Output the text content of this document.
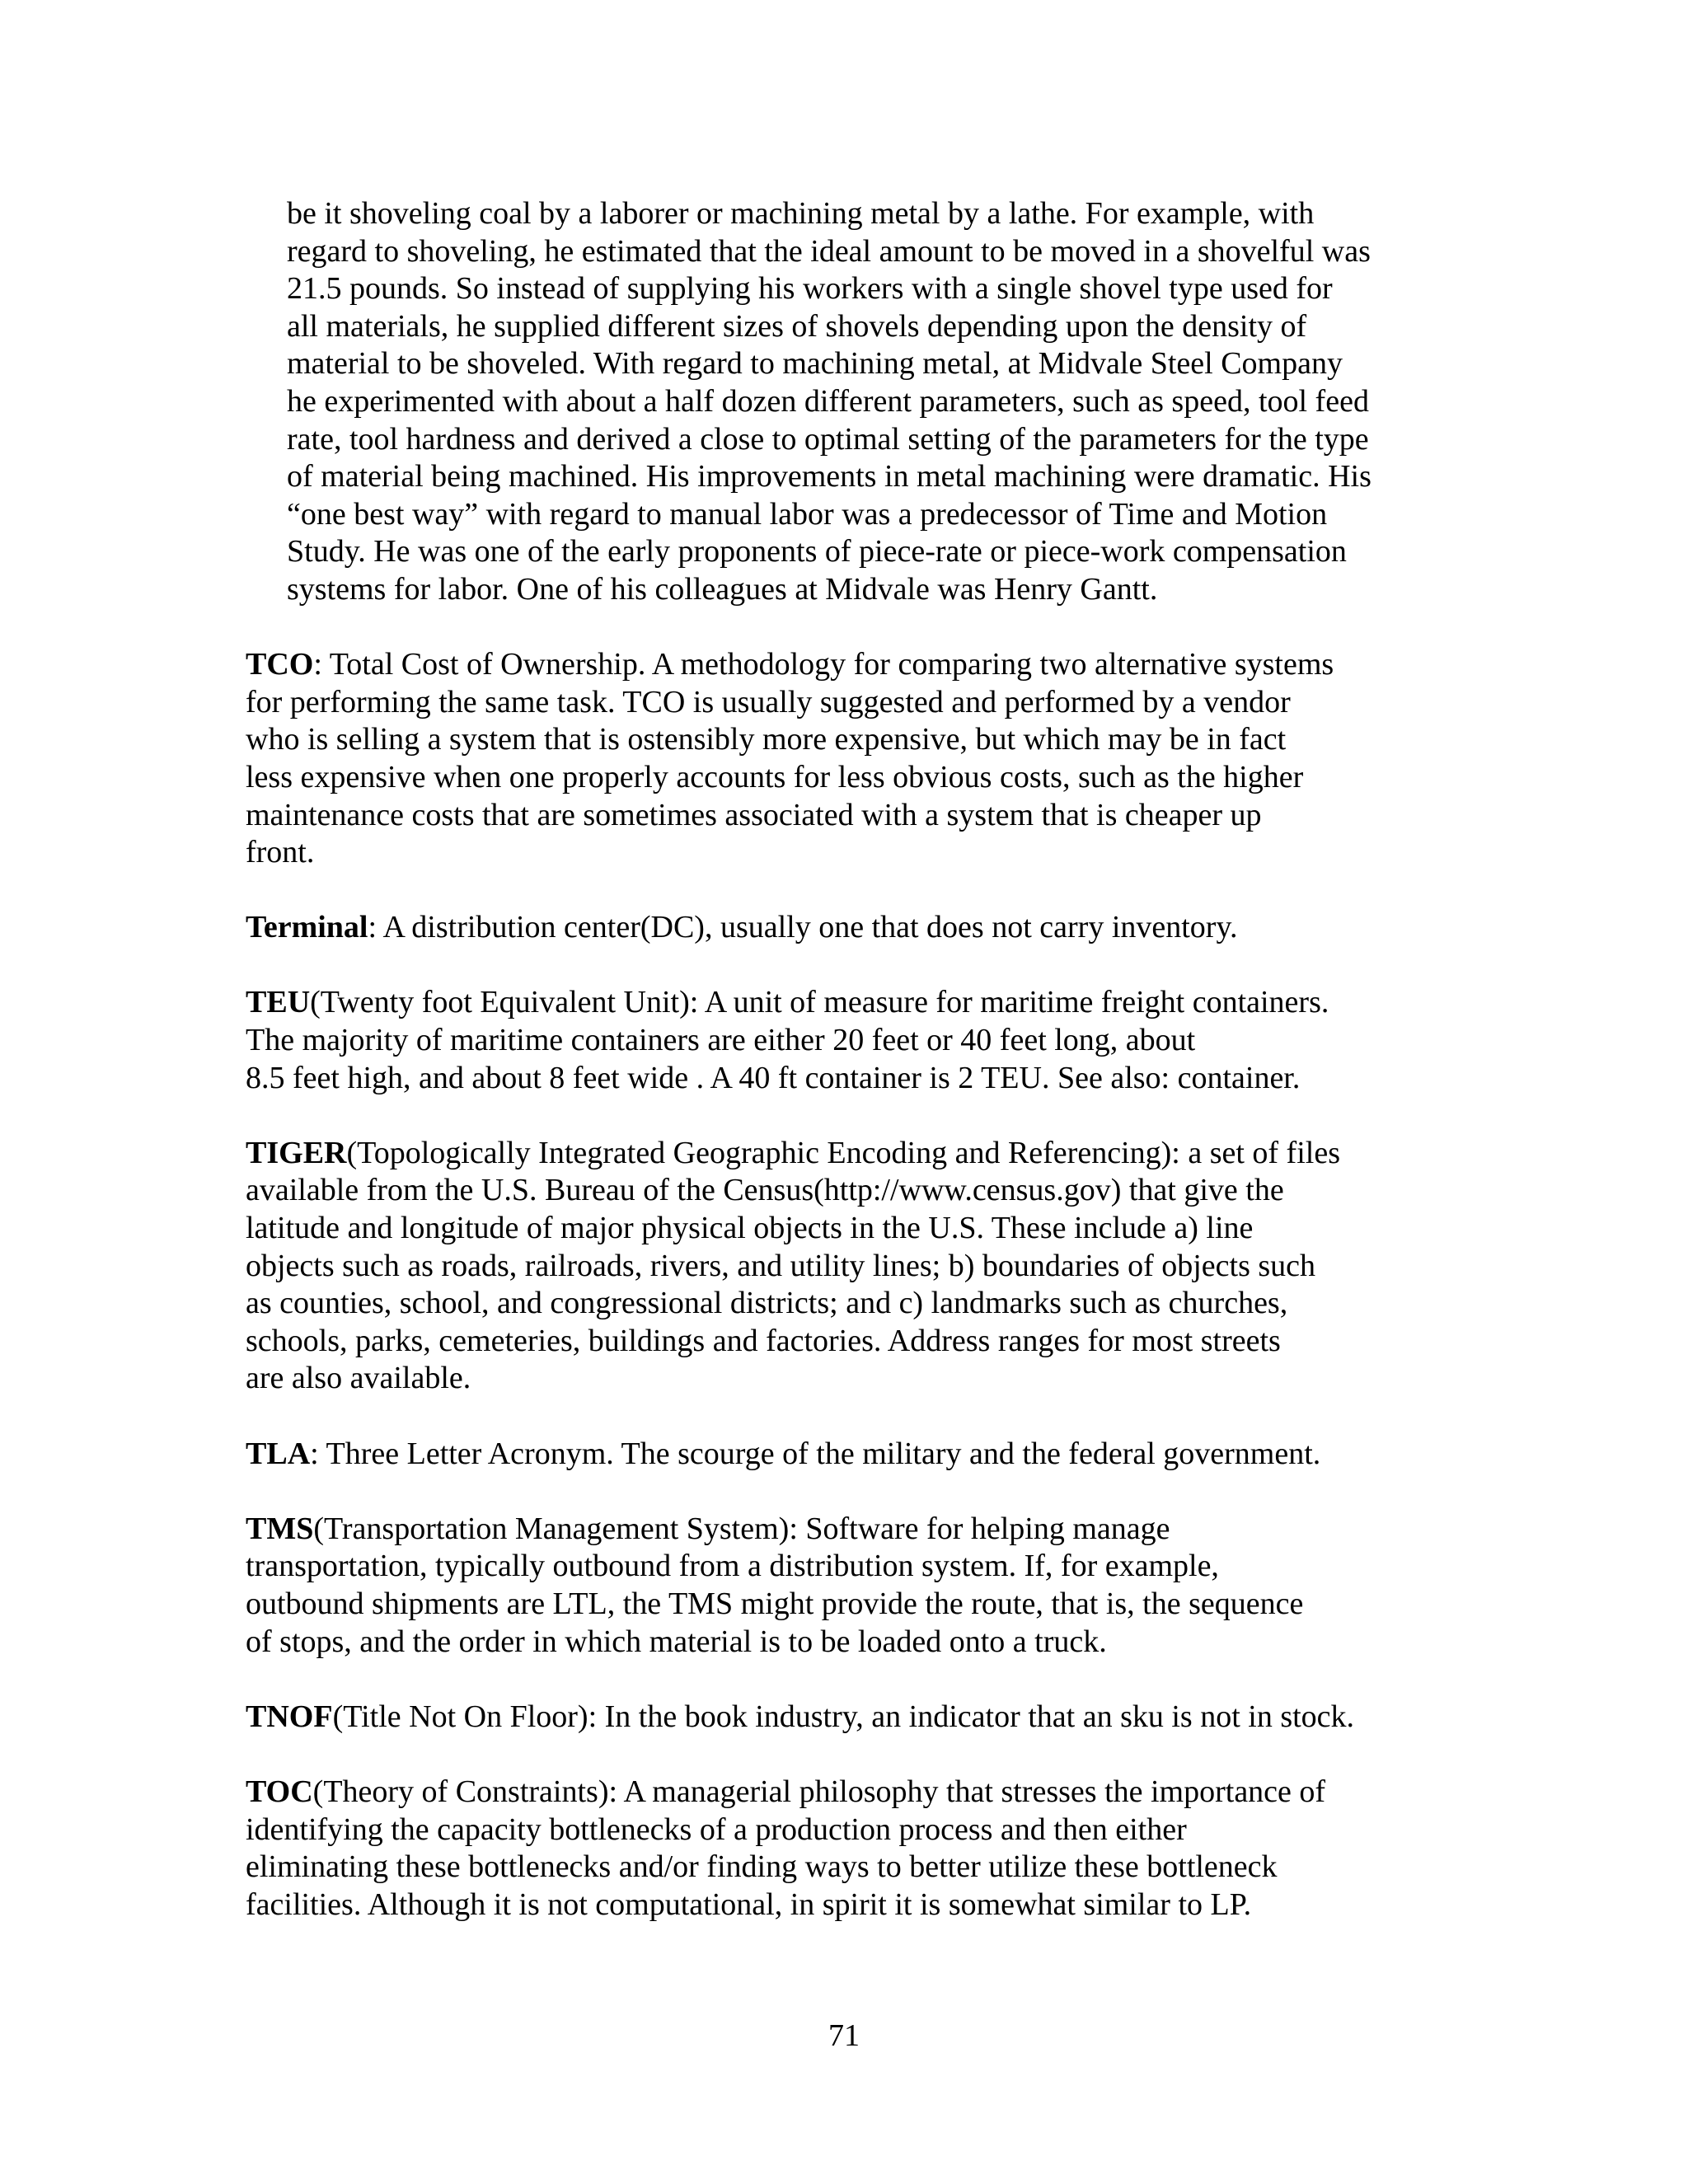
be it shoveling coal by a laborer or machining metal by a lathe. For example, with
regard to shoveling, he estimated that the ideal amount to be moved in a shovelful was
21.5 pounds. So instead of supplying his workers with a single shovel type used for
all materials, he supplied different sizes of shovels depending upon the density of
material to be shoveled. With regard to machining metal, at Midvale Steel Company
he experimented with about a half dozen different parameters, such as speed, tool feed
rate, tool hardness and derived a close to optimal setting of the parameters for the type
of material being machined. His improvements in metal machining were dramatic. His
“one best way” with regard to manual labor was a predecessor of Time and Motion
Study. He was one of the early proponents of piece-rate or piece-work compensation
systems for labor. One of his colleagues at Midvale was Henry Gantt.

TCO: Total Cost of Ownership. A methodology for comparing two alternative systems
for performing the same task. TCO is usually suggested and performed by a vendor
who is selling a system that is ostensibly more expensive, but which may be in fact
less expensive when one properly accounts for less obvious costs, such as the higher
maintenance costs that are sometimes associated with a system that is cheaper up
front.

Terminal: A distribution center(DC), usually one that does not carry inventory.

TEU(Twenty foot Equivalent Unit): A unit of measure for maritime freight containers.
The majority of maritime containers are either 20 feet or 40 feet long, about
8.5 feet high, and about 8 feet wide . A 40 ft container is 2 TEU. See also: container.

TIGER(Topologically Integrated Geographic Encoding and Referencing): a set of files
available from the U.S. Bureau of the Census(http://www.census.gov) that give the
latitude and longitude of major physical objects in the U.S. These include a) line
objects such as roads, railroads, rivers, and utility lines; b) boundaries of objects such
as counties, school, and congressional districts; and c) landmarks such as churches,
schools, parks, cemeteries, buildings and factories. Address ranges for most streets
are also available.

TLA: Three Letter Acronym. The scourge of the military and the federal government.

TMS(Transportation Management System): Software for helping manage
transportation, typically outbound from a distribution system. If, for example,
outbound shipments are LTL, the TMS might provide the route, that is, the sequence
of stops, and the order in which material is to be loaded onto a truck.

TNOF(Title Not On Floor): In the book industry, an indicator that an sku is not in stock.

TOC(Theory of Constraints): A managerial philosophy that stresses the importance of
identifying the capacity bottlenecks of a production process and then either
eliminating these bottlenecks and/or finding ways to better utilize these bottleneck
facilities. Although it is not computational, in spirit it is somewhat similar to LP.

71
